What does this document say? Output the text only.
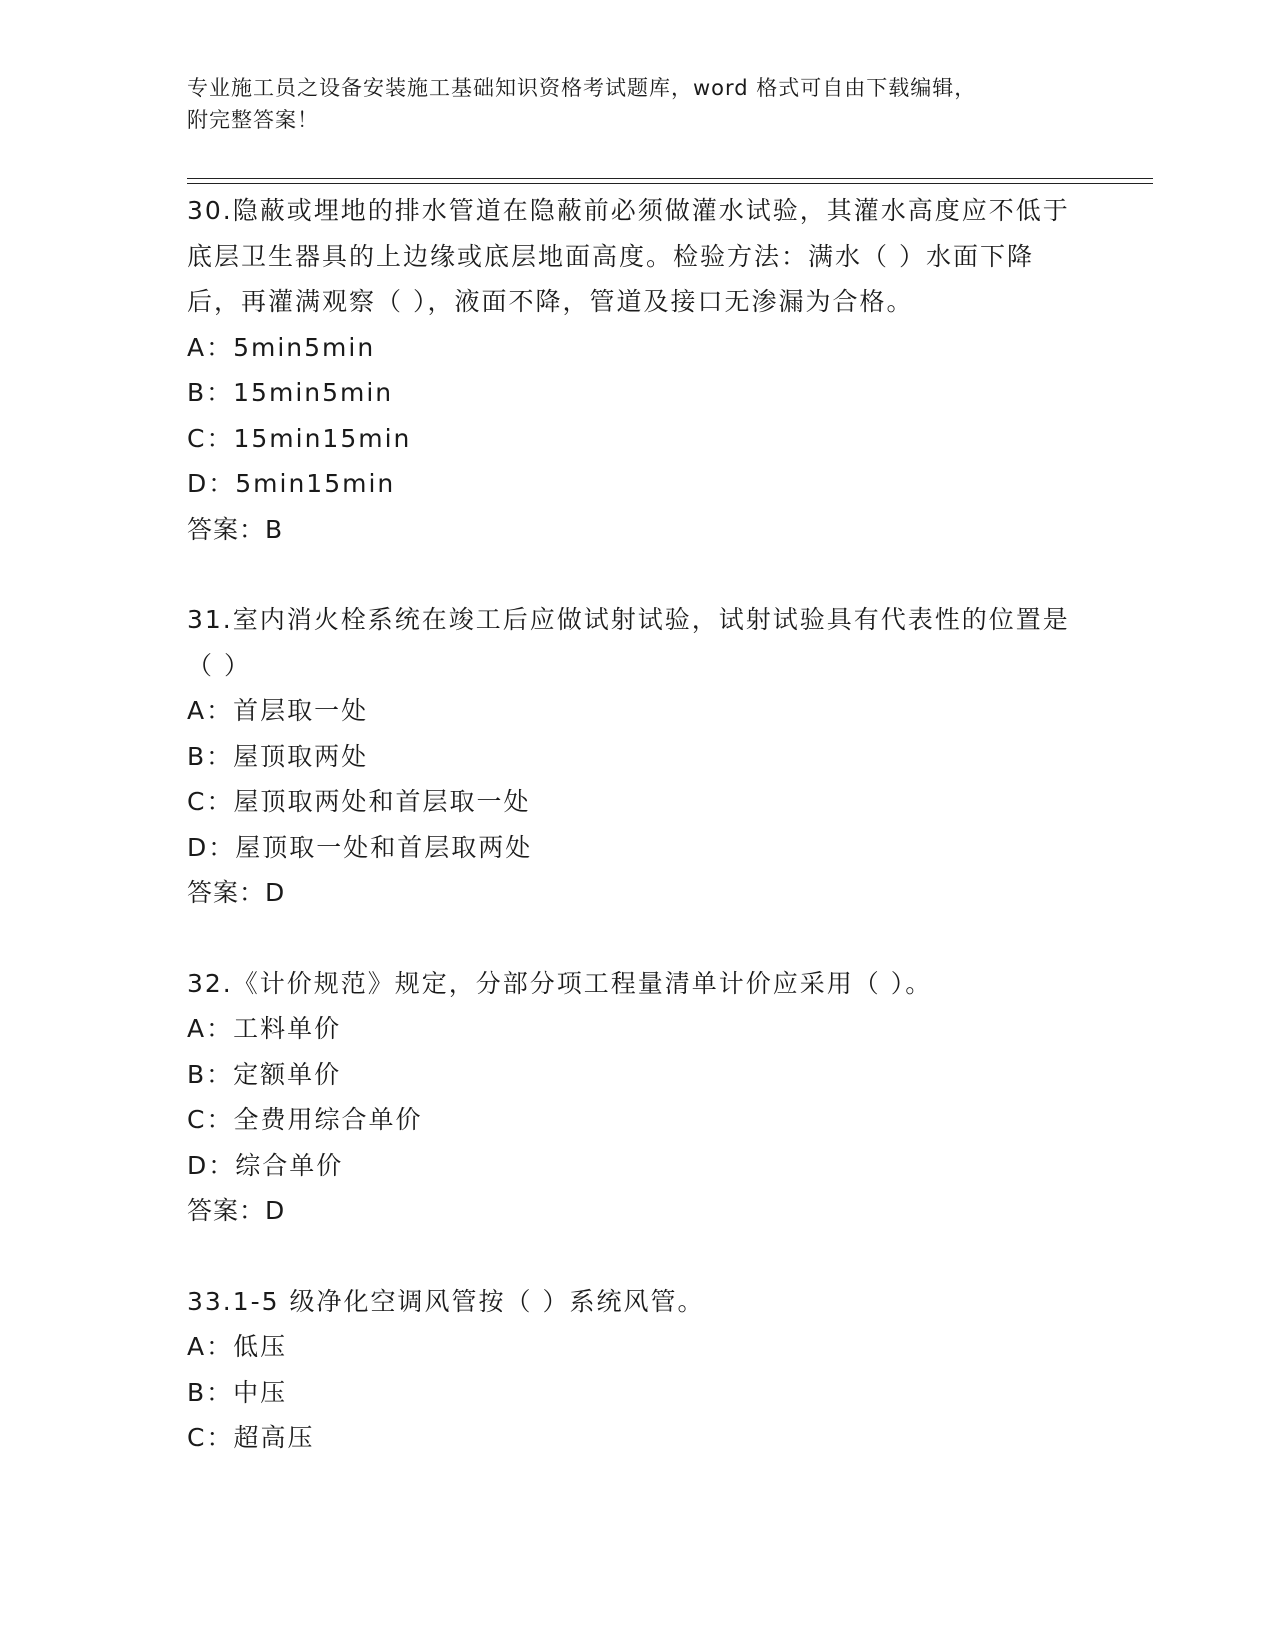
专业施工员之设备安装施工基础知识资格考试题库，word 格式可自由下载编辑，
附完整答案！

30.隐蔽或埋地的排水管道在隐蔽前必须做灌水试验，其灌水高度应不低于底层卫生器具的上边缘或底层地面高度。检验方法：满水（ ）水面下降后，再灌满观察（ ），液面不降，管道及接口无渗漏为合格。

A：5min5min

B：15min5min

C：15min15min

D：5min15min

答案：B

31.室内消火栓系统在竣工后应做试射试验，试射试验具有代表性的位置是（ ）

A：首层取一处

B：屋顶取两处

C：屋顶取两处和首层取一处

D：屋顶取一处和首层取两处

答案：D

32.《计价规范》规定，分部分项工程量清单计价应采用（ ）。

A：工料单价

B：定额单价

C：全费用综合单价

D：综合单价

答案：D

33.1-5 级净化空调风管按（ ）系统风管。

A：低压

B：中压

C：超高压
